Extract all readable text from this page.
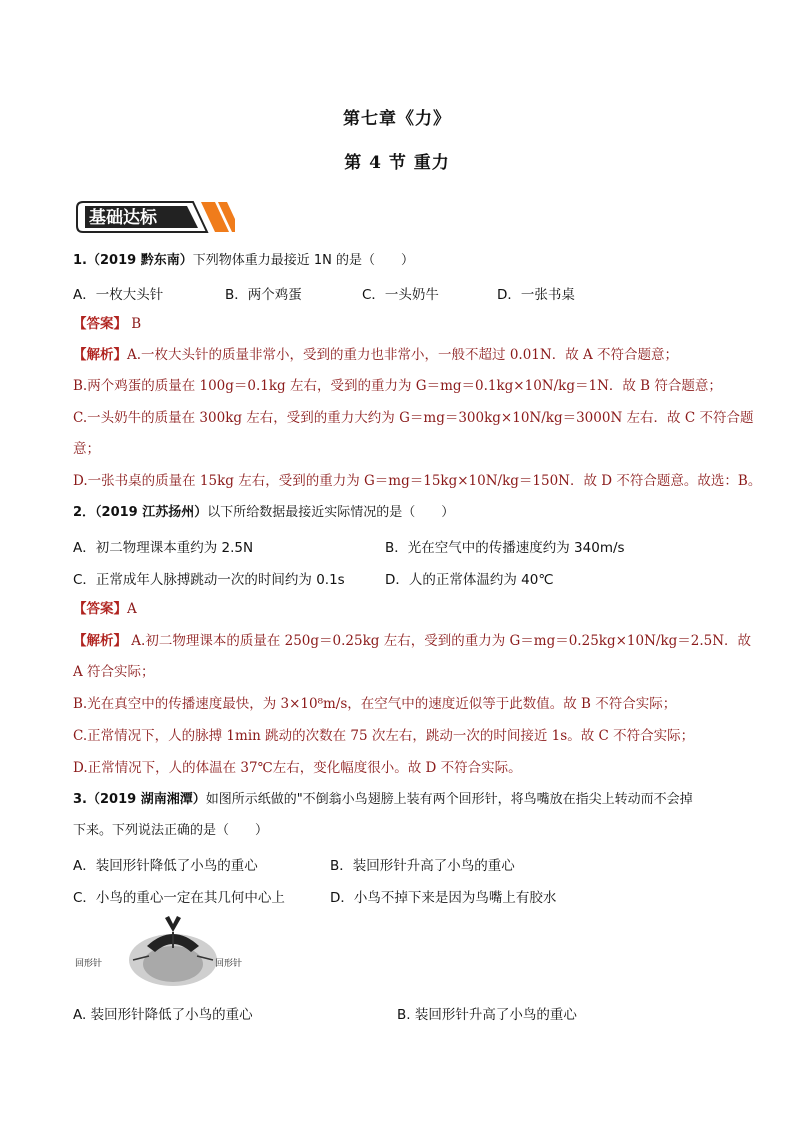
第七章《力》
第 4 节 重力
基础达标
1.（2019 黔东南）下列物体重力最接近 1N 的是（　　）
A．一枚大头针	B．两个鸡蛋	C．一头奶牛	D．一张书桌
【答案】 B
【解析】A.一枚大头针的质量非常小，受到的重力也非常小，一般不超过 0.01N．故 A 不符合题意；
B.两个鸡蛋的质量在 100g＝0.1kg 左右，受到的重力为 G＝mg＝0.1kg×10N/kg＝1N．故 B 符合题意；
C.一头奶牛的质量在 300kg 左右，受到的重力大约为 G＝mg＝300kg×10N/kg＝3000N 左右．故 C 不符合题
意；
D.一张书桌的质量在 15kg 左右，受到的重力为 G＝mg＝15kg×10N/kg＝150N．故 D 不符合题意。故选：B。
2．（2019 江苏扬州）以下所给数据最接近实际情况的是（　　）
A．初二物理课本重约为 2.5N	B．光在空气中的传播速度约为 340m/s
C．正常成年人脉搏跳动一次的时间约为 0.1s	D．人的正常体温约为 40℃
【答案】A
【解析】 A.初二物理课本的质量在 250g＝0.25kg 左右，受到的重力为 G＝mg＝0.25kg×10N/kg＝2.5N．故
A 符合实际；
B.光在真空中的传播速度最快，为 3×10⁸m/s，在空气中的速度近似等于此数值。故 B 不符合实际；
C.正常情况下，人的脉搏 1min 跳动的次数在 75 次左右，跳动一次的时间接近 1s。故 C 不符合实际；
D.正常情况下，人的体温在 37℃左右，变化幅度很小。故 D 不符合实际。
3.（2019 湖南湘潭）如图所示纸做的"不倒翁小鸟翅膀上装有两个回形针，将鸟嘴放在指尖上转动而不会掉
下来。下列说法正确的是（　　）
A．装回形针降低了小鸟的重心	B．装回形针升高了小鸟的重心
C．小鸟的重心一定在其几何中心上	D．小鸟不掉下来是因为鸟嘴上有胶水
回形针	回形针
A. 装回形针降低了小鸟的重心	B. 装回形针升高了小鸟的重心
